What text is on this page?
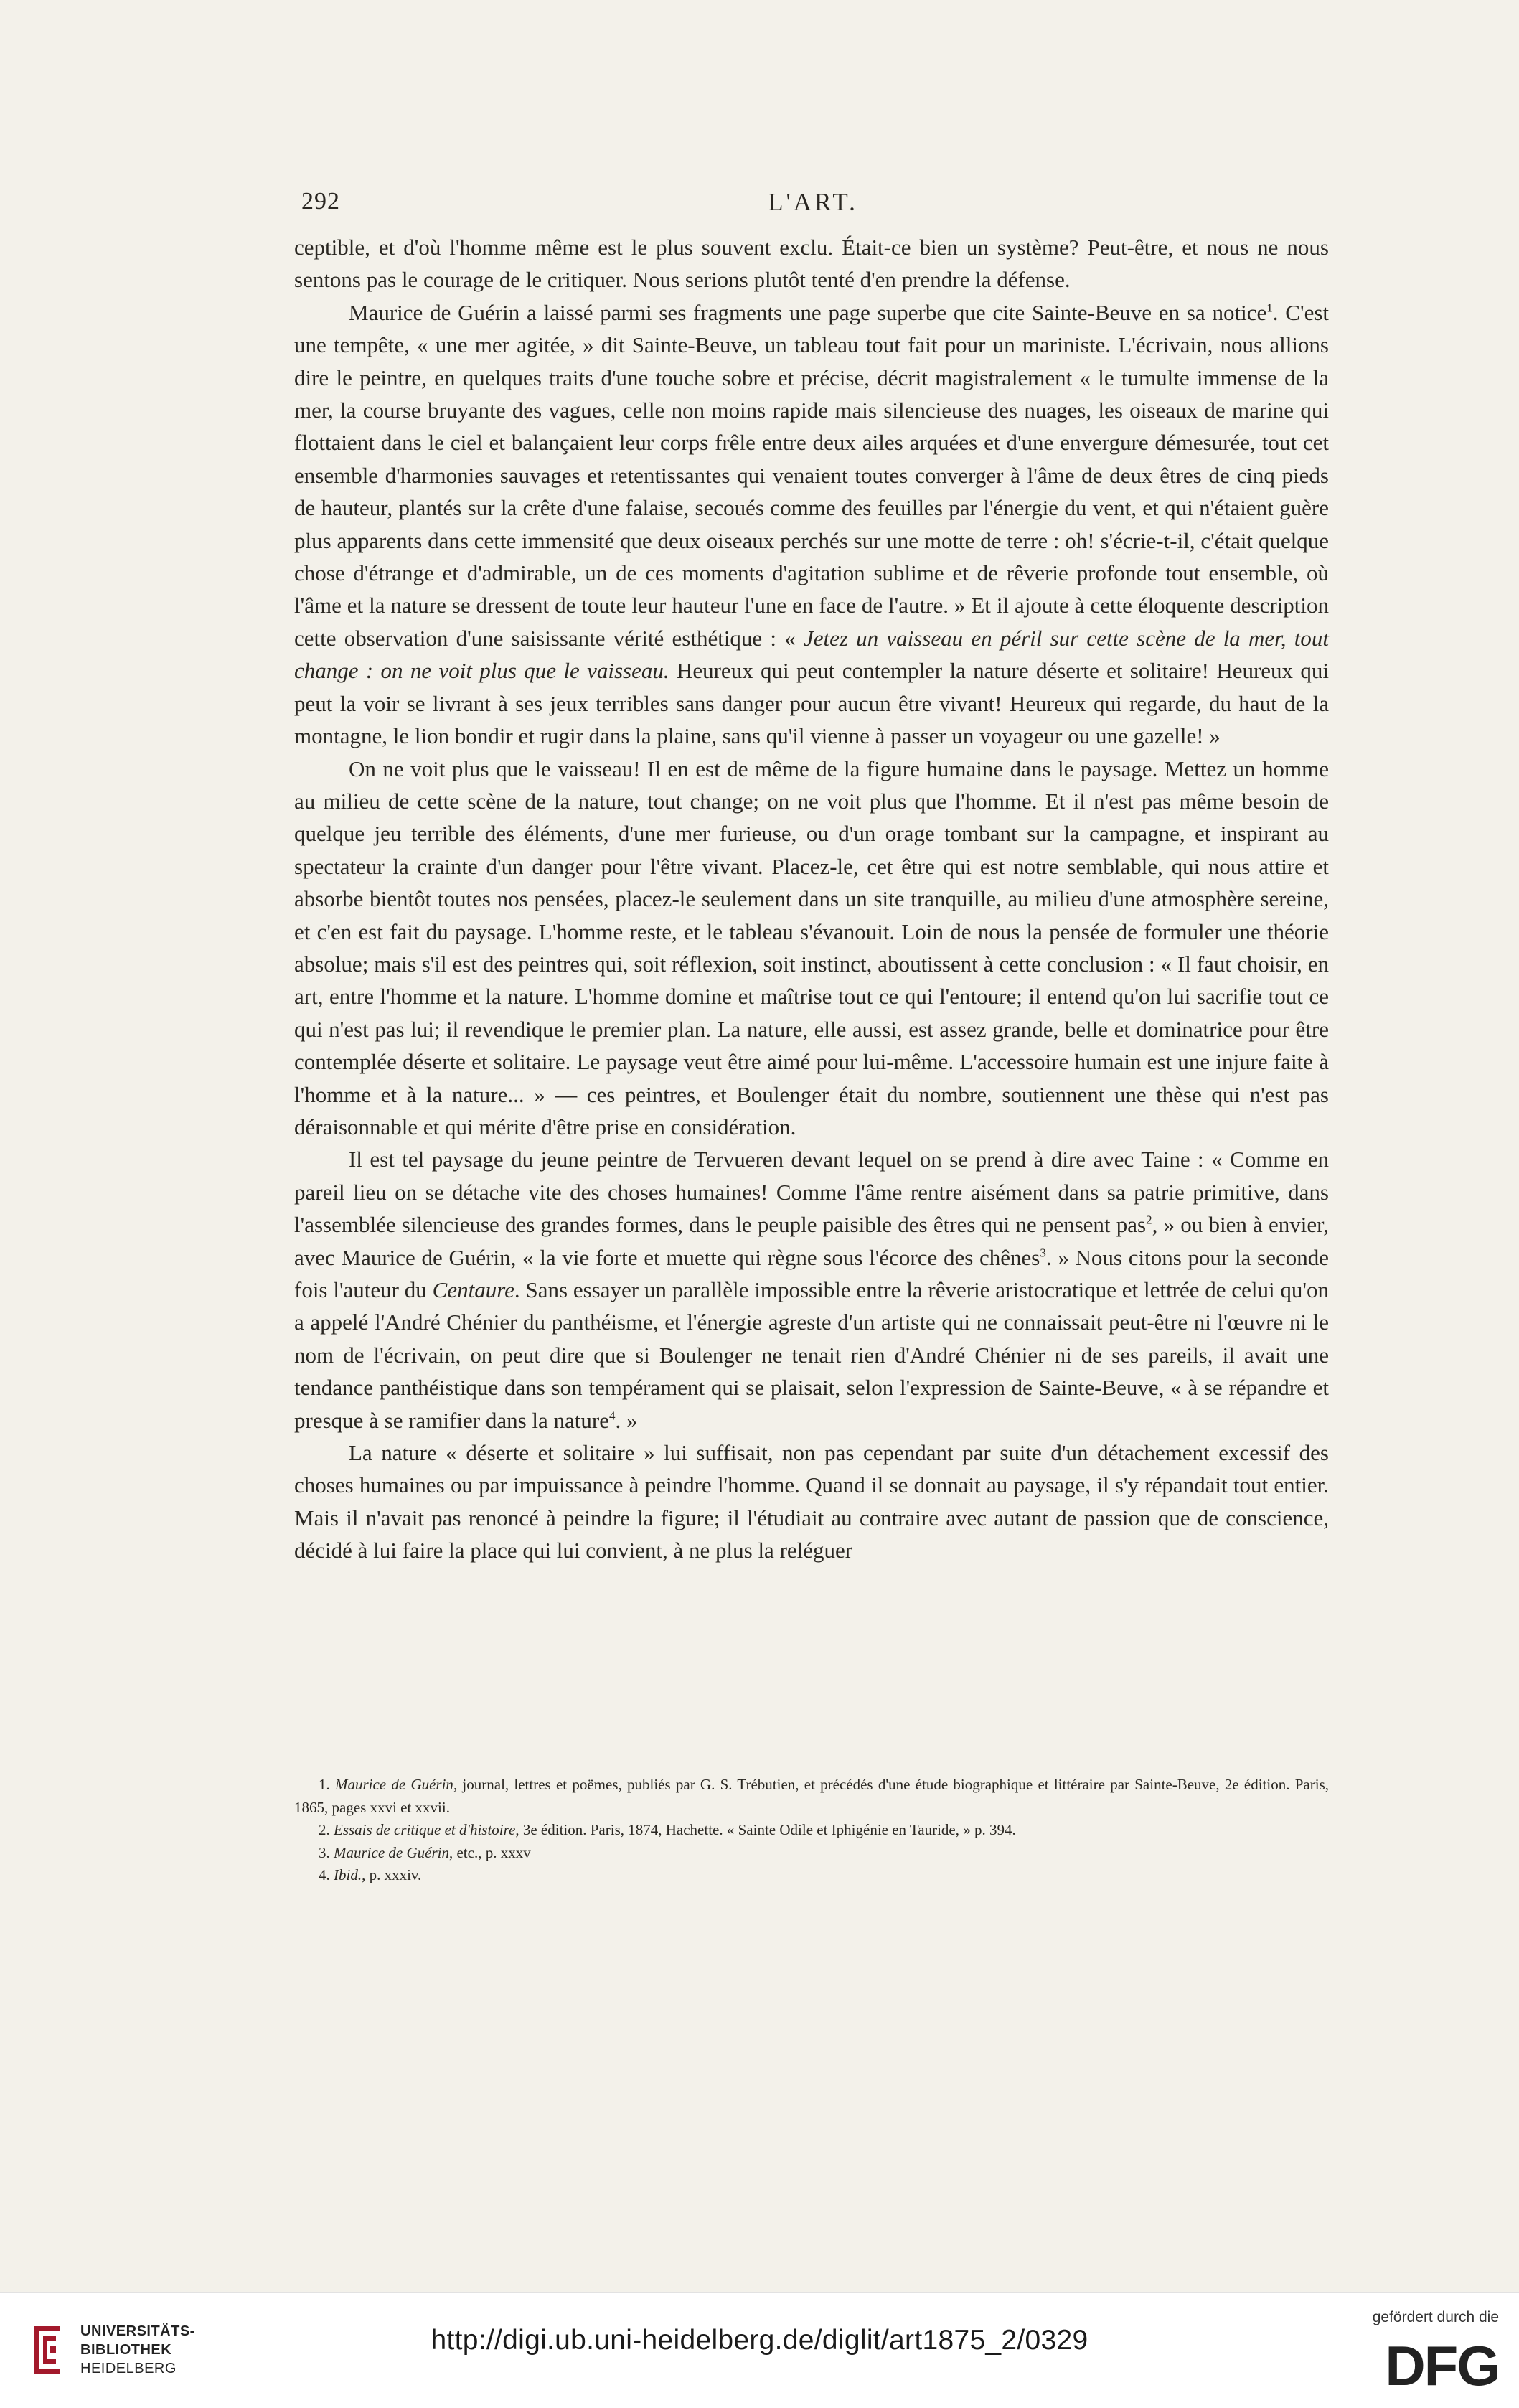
292	L'ART.

ceptible, et d'où l'homme même est le plus souvent exclu. Était-ce bien un système? Peut-être, et nous ne nous sentons pas le courage de le critiquer. Nous serions plutôt tenté d'en prendre la défense.

Maurice de Guérin a laissé parmi ses fragments une page superbe que cite Sainte-Beuve en sa notice$^1$. C'est une tempête, « une mer agitée, » dit Sainte-Beuve, un tableau tout fait pour un mariniste. L'écrivain, nous allions dire le peintre, en quelques traits d'une touche sobre et précise, décrit magistralement « le tumulte immense de la mer, la course bruyante des vagues, celle non moins rapide mais silencieuse des nuages, les oiseaux de marine qui flottaient dans le ciel et balançaient leur corps frêle entre deux ailes arquées et d'une envergure démesurée, tout cet ensemble d'harmonies sauvages et retentissantes qui venaient toutes converger à l'âme de deux êtres de cinq pieds de hauteur, plantés sur la crête d'une falaise, secoués comme des feuilles par l'énergie du vent, et qui n'étaient guère plus apparents dans cette immensité que deux oiseaux perchés sur une motte de terre : oh! s'écrie-t-il, c'était quelque chose d'étrange et d'admirable, un de ces moments d'agitation sublime et de rêverie profonde tout ensemble, où l'âme et la nature se dressent de toute leur hauteur l'une en face de l'autre. » Et il ajoute à cette éloquente description cette observation d'une saisissante vérité esthétique : « Jetez un vaisseau en péril sur cette scène de la mer, tout change : on ne voit plus que le vaisseau. Heureux qui peut contempler la nature déserte et solitaire! Heureux qui peut la voir se livrant à ses jeux terribles sans danger pour aucun être vivant! Heureux qui regarde, du haut de la montagne, le lion bondir et rugir dans la plaine, sans qu'il vienne à passer un voyageur ou une gazelle! »

On ne voit plus que le vaisseau! Il en est de même de la figure humaine dans le paysage. Mettez un homme au milieu de cette scène de la nature, tout change; on ne voit plus que l'homme. Et il n'est pas même besoin de quelque jeu terrible des éléments, d'une mer furieuse, ou d'un orage tombant sur la campagne, et inspirant au spectateur la crainte d'un danger pour l'être vivant. Placez-le, cet être qui est notre semblable, qui nous attire et absorbe bientôt toutes nos pensées, placez-le seulement dans un site tranquille, au milieu d'une atmosphère sereine, et c'en est fait du paysage. L'homme reste, et le tableau s'évanouit. Loin de nous la pensée de formuler une théorie absolue; mais s'il est des peintres qui, soit réflexion, soit instinct, aboutissent à cette conclusion : « Il faut choisir, en art, entre l'homme et la nature. L'homme domine et maîtrise tout ce qui l'entoure; il entend qu'on lui sacrifie tout ce qui n'est pas lui; il revendique le premier plan. La nature, elle aussi, est assez grande, belle et dominatrice pour être contemplée déserte et solitaire. Le paysage veut être aimé pour lui-même. L'accessoire humain est une injure faite à l'homme et à la nature... » — ces peintres, et Boulenger était du nombre, soutiennent une thèse qui n'est pas déraisonnable et qui mérite d'être prise en considération.

Il est tel paysage du jeune peintre de Tervueren devant lequel on se prend à dire avec Taine : « Comme en pareil lieu on se détache vite des choses humaines! Comme l'âme rentre aisément dans sa patrie primitive, dans l'assemblée silencieuse des grandes formes, dans le peuple paisible des êtres qui ne pensent pas$^2$, » ou bien à envier, avec Maurice de Guérin, « la vie forte et muette qui règne sous l'écorce des chênes$^3$. » Nous citons pour la seconde fois l'auteur du Centaure. Sans essayer un parallèle impossible entre la rêverie aristocratique et lettrée de celui qu'on a appelé l'André Chénier du panthéisme, et l'énergie agreste d'un artiste qui ne connaissait peut-être ni l'œuvre ni le nom de l'écrivain, on peut dire que si Boulenger ne tenait rien d'André Chénier ni de ses pareils, il avait une tendance panthéistique dans son tempérament qui se plaisait, selon l'expression de Sainte-Beuve, « à se répandre et presque à se ramifier dans la nature$^4$. »

La nature « déserte et solitaire » lui suffisait, non pas cependant par suite d'un détachement excessif des choses humaines ou par impuissance à peindre l'homme. Quand il se donnait au paysage, il s'y répandait tout entier. Mais il n'avait pas renoncé à peindre la figure; il l'étudiait au contraire avec autant de passion que de conscience, décidé à lui faire la place qui lui convient, à ne plus la reléguer

1. Maurice de Guérin, journal, lettres et poëmes, publiés par G. S. Trébutien, et précédés d'une étude biographique et littéraire par Sainte-Beuve, 2e édition. Paris, 1865, pages xxvi et xxvii.

2. Essais de critique et d'histoire, 3e édition. Paris, 1874, Hachette. « Sainte Odile et Iphigénie en Tauride, » p. 394.

3. Maurice de Guérin, etc., p. xxxv

4. Ibid., p. xxxiv.

UNIVERSITÄTS-
BIBLIOTHEK
HEIDELBERG
http://digi.ub.uni-heidelberg.de/diglit/art1875_2/0329
gefördert durch die
DFG
